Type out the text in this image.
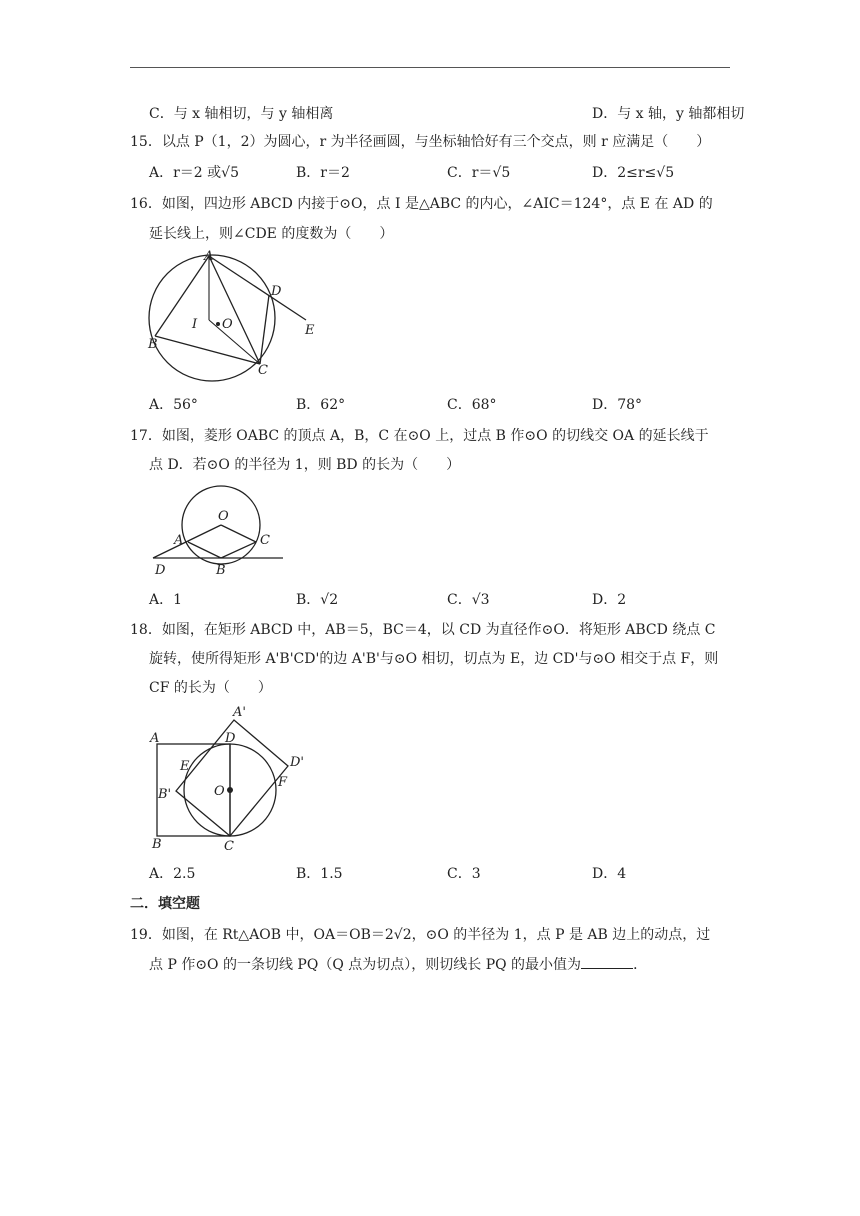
C．与 x 轴相切，与 y 轴相离	D．与 x 轴，y 轴都相切
15．以点 P（1，2）为圆心，r 为半径画圆，与坐标轴恰好有三个交点，则 r 应满足（　　）
A．r＝2 或√5	B．r＝2	C．r＝√5	D．2≤r≤√5
16．如图，四边形 ABCD 内接于⊙O，点 I 是△ABC 的内心，∠AIC＝124°，点 E 在 AD 的
延长线上，则∠CDE 的度数为（　　）
A
D
E
I O
B
C
A．56°	B．62°	C．68°	D．78°
17．如图，菱形 OABC 的顶点 A，B，C 在⊙O 上，过点 B 作⊙O 的切线交 OA 的延长线于
点 D．若⊙O 的半径为 1，则 BD 的长为（　　）
O
A	C
D	B
A．1	B．√2	C．√3	D．2
18．如图，在矩形 ABCD 中，AB＝5，BC＝4，以 CD 为直径作⊙O．将矩形 ABCD 绕点 C
旋转，使所得矩形 A'B'CD'的边 A'B'与⊙O 相切，切点为 E，边 CD'与⊙O 相交于点 F，则
CF 的长为（　　）
A'
A	D
D'
E
F
B'	O
B	C
A．2.5	B．1.5	C．3	D．4
二．填空题
19．如图，在 Rt△AOB 中，OA＝OB＝2√2，⊙O 的半径为 1，点 P 是 AB 边上的动点，过
点 P 作⊙O 的一条切线 PQ（Q 点为切点），则切线长 PQ 的最小值为	．
